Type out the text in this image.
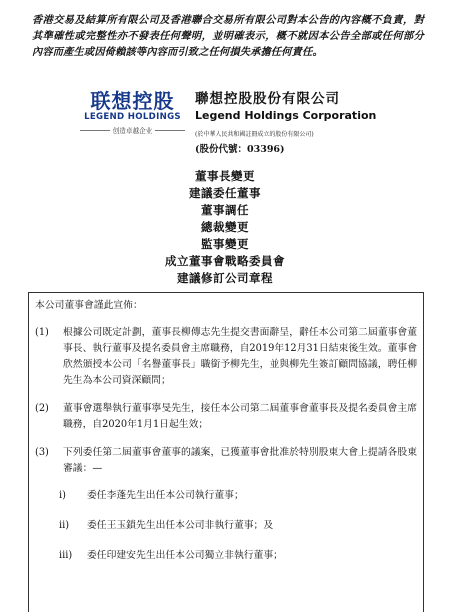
香港交易及結算所有限公司及香港聯合交易所有限公司對本公告的內容概不負責，對其準確性或完整性亦不發表任何聲明，並明確表示，概不就因本公告全部或任何部分內容而產生或因倚賴該等內容而引致之任何損失承擔任何責任。
联想控股
LEGEND HOLDINGS
创造卓越企业
聯想控股股份有限公司
Legend Holdings Corporation
(於中華人民共和國註冊成立的股份有限公司)
(股份代號：03396)
董事長變更
建議委任董事
董事調任
總裁變更
監事變更
成立董事會戰略委員會
建議修訂公司章程

本公司董事會謹此宣佈：

(1)	根據公司既定計劃，董事長柳傳志先生提交書面辭呈，辭任本公司第二屆董事會董事長、執行董事及提名委員會主席職務，自2019年12月31日結束後生效。董事會欣然頒授本公司「名譽董事長」職銜予柳先生，並與柳先生簽訂顧問協議，聘任柳先生為本公司資深顧問；
(2)	董事會選舉執行董事寧旻先生，接任本公司第二屆董事會董事長及提名委員會主席職務，自2020年1月1日起生效；
(3)	下列委任第二屆董事會董事的議案，已獲董事會批准於特別股東大會上提請各股東審議：—
i)	委任李蓬先生出任本公司執行董事；
ii)	委任王玉鎖先生出任本公司非執行董事；及
iii)	委任印建安先生出任本公司獨立非執行董事；
